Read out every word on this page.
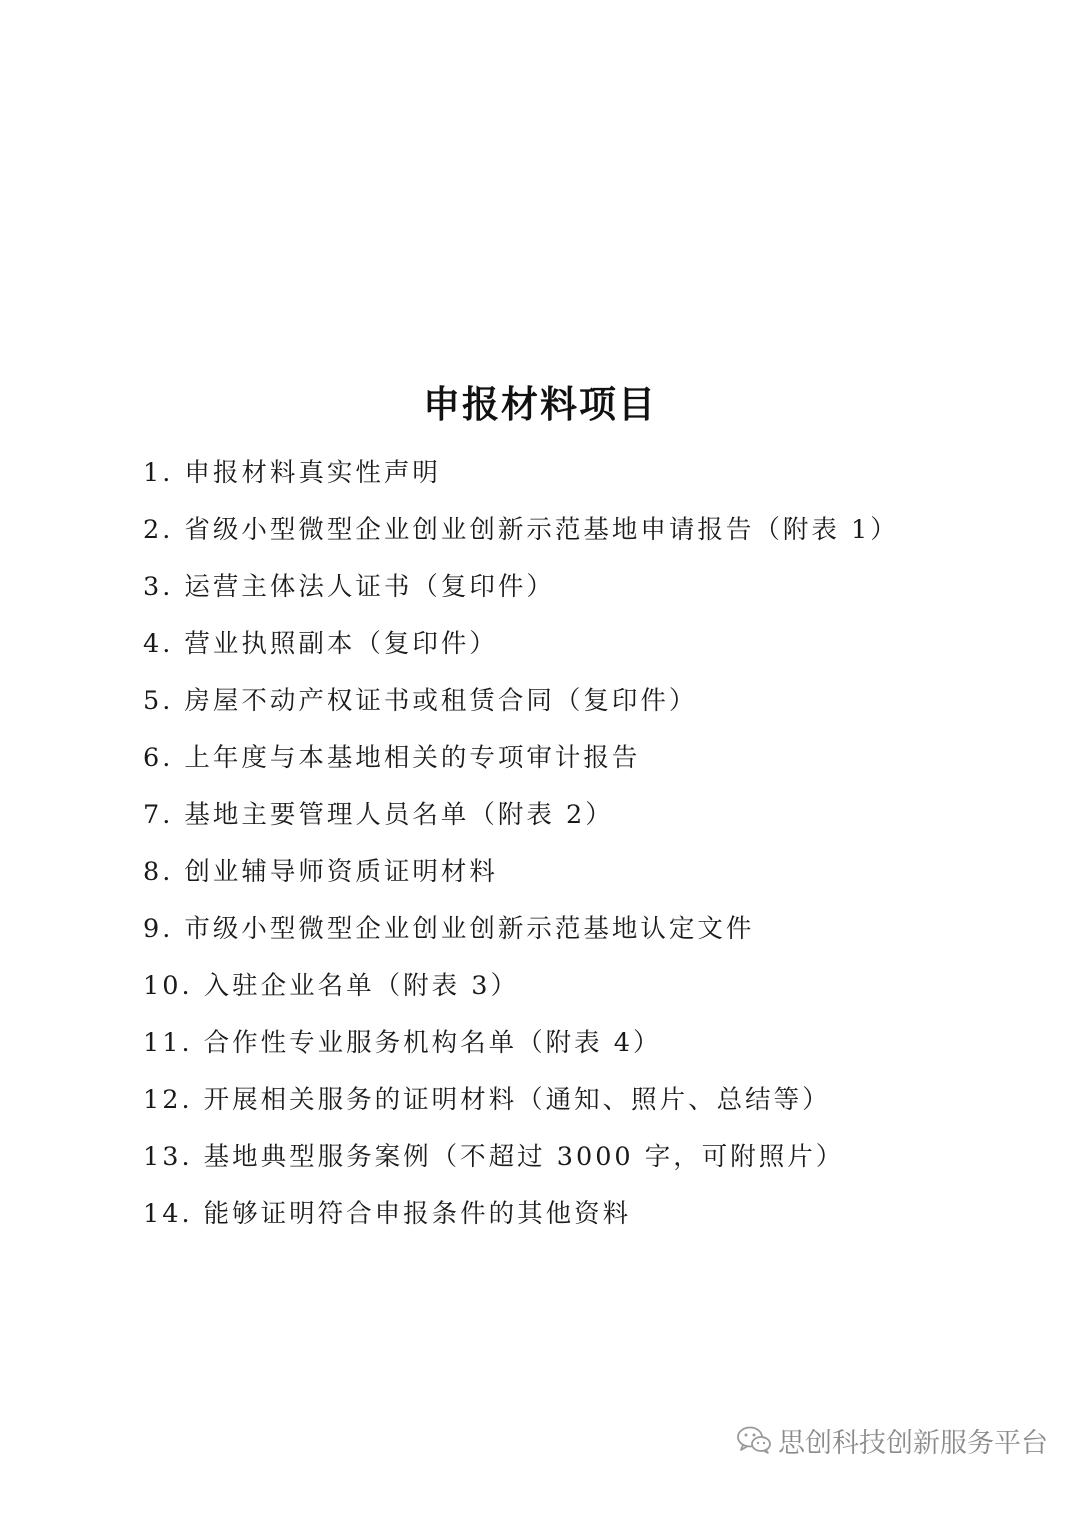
申报材料项目
1. 申报材料真实性声明
2. 省级小型微型企业创业创新示范基地申请报告（附表 1）
3. 运营主体法人证书（复印件）
4. 营业执照副本（复印件）
5. 房屋不动产权证书或租赁合同（复印件）
6. 上年度与本基地相关的专项审计报告
7. 基地主要管理人员名单（附表 2）
8. 创业辅导师资质证明材料
9. 市级小型微型企业创业创新示范基地认定文件
10. 入驻企业名单（附表 3）
11. 合作性专业服务机构名单（附表 4）
12. 开展相关服务的证明材料（通知、照片、总结等）
13. 基地典型服务案例（不超过 3000 字，可附照片）
14. 能够证明符合申报条件的其他资料
思创科技创新服务平台
